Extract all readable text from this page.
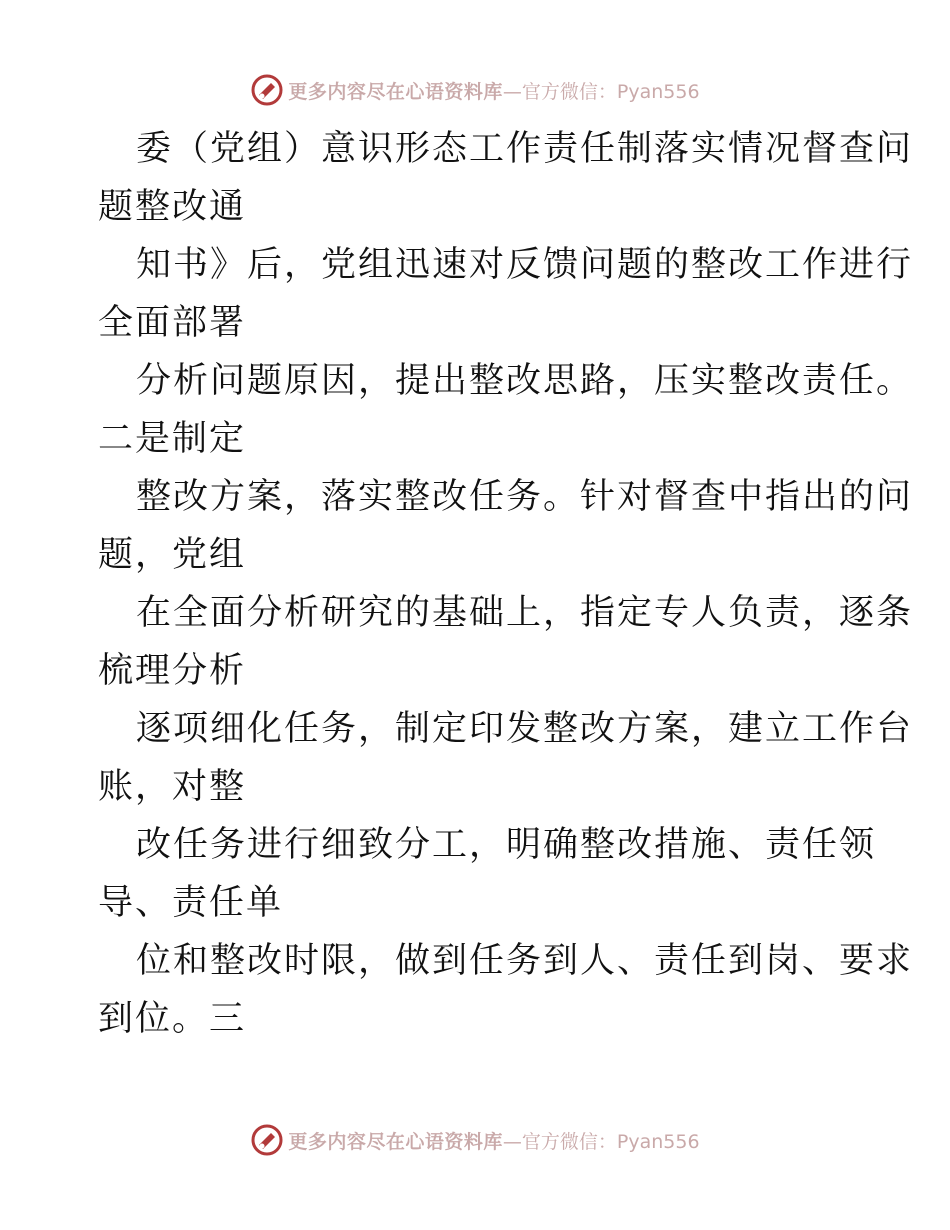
更多内容尽在心语资料库 —官方微信：Pyan556
委（党组）意识形态工作责任制落实情况督查问
题整改通
知书》后，党组迅速对反馈问题的整改工作进行
全面部署
分析问题原因，提出整改思路，压实整改责任。
二是制定
整改方案，落实整改任务。针对督查中指出的问
题，党组
在全面分析研究的基础上，指定专人负责，逐条
梳理分析
逐项细化任务，制定印发整改方案，建立工作台
账，对整
改任务进行细致分工，明确整改措施、责任领
导、责任单
位和整改时限，做到任务到人、责任到岗、要求
到位。三
更多内容尽在心语资料库 —官方微信：Pyan556
